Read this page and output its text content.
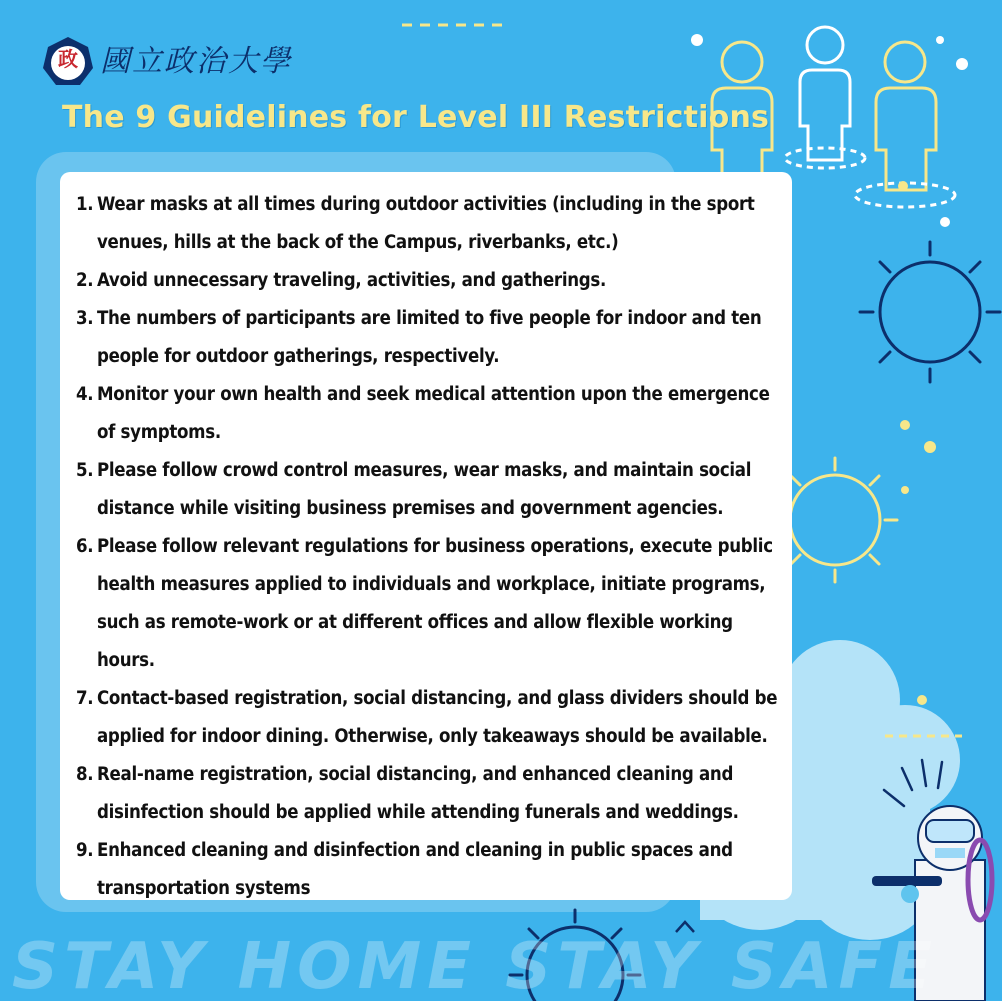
政 國立政治大學
The 9 Guidelines for Level III Restrictions
1. Wear masks at all times during outdoor activities (including in the sport venues, hills at the back of the Campus, riverbanks, etc.)
2. Avoid unnecessary traveling, activities, and gatherings.
3. The numbers of participants are limited to five people for indoor and ten people for outdoor gatherings, respectively.
4. Monitor your own health and seek medical attention upon the emergence of symptoms.
5. Please follow crowd control measures, wear masks, and maintain social distance while visiting business premises and government agencies.
6. Please follow relevant regulations for business operations, execute public health measures applied to individuals and workplace, initiate programs, such as remote-work or at different offices and allow flexible working hours.
7. Contact-based registration, social distancing, and glass dividers should be applied for indoor dining. Otherwise, only takeaways should be available.
8. Real-name registration, social distancing, and enhanced cleaning and disinfection should be applied while attending funerals and weddings.
9. Enhanced cleaning and disinfection and cleaning in public spaces and transportation systems
STAY HOME STAY SAFE
